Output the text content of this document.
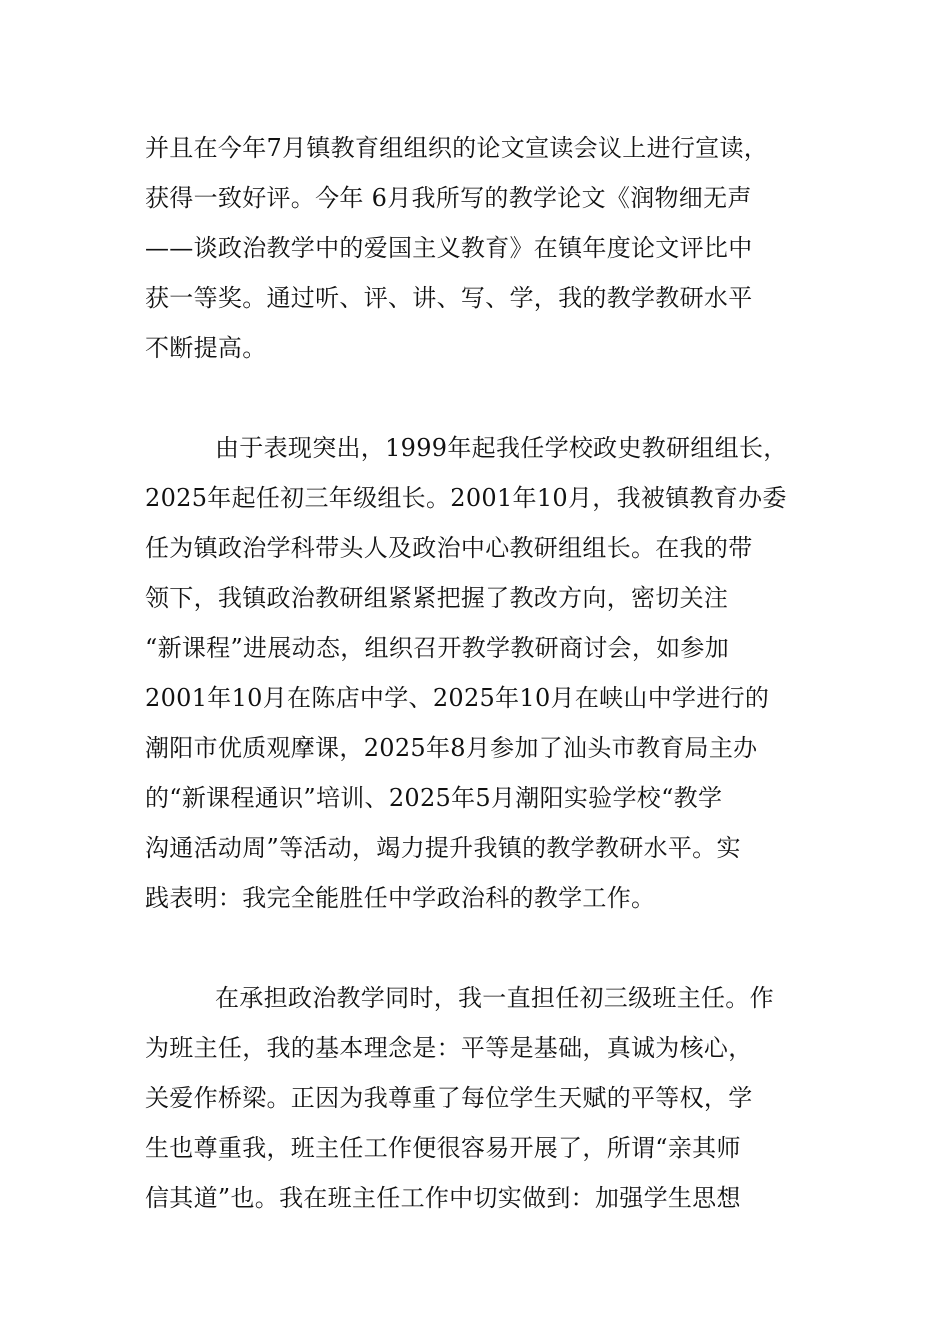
并且在今年7月镇教育组组织的论文宣读会议上进行宣读，
获得一致好评。今年 6月我所写的教学论文《润物细无声
——谈政治教学中的爱国主义教育》在镇年度论文评比中
获一等奖。通过听、评、讲、写、学，我的教学教研水平
不断提高。

由于表现突出，1999年起我任学校政史教研组组长，
2025年起任初三年级组长。2001年10月，我被镇教育办委
任为镇政治学科带头人及政治中心教研组组长。在我的带
领下，我镇政治教研组紧紧把握了教改方向，密切关注
“新课程”进展动态，组织召开教学教研商讨会，如参加
2001年10月在陈店中学、2025年10月在峡山中学进行的
潮阳市优质观摩课，2025年8月参加了汕头市教育局主办
的“新课程通识”培训、2025年5月潮阳实验学校“教学
沟通活动周”等活动，竭力提升我镇的教学教研水平。实
践表明：我完全能胜任中学政治科的教学工作。

在承担政治教学同时，我一直担任初三级班主任。作
为班主任，我的基本理念是：平等是基础，真诚为核心，
关爱作桥梁。正因为我尊重了每位学生天赋的平等权，学
生也尊重我，班主任工作便很容易开展了，所谓“亲其师
信其道”也。我在班主任工作中切实做到：加强学生思想
